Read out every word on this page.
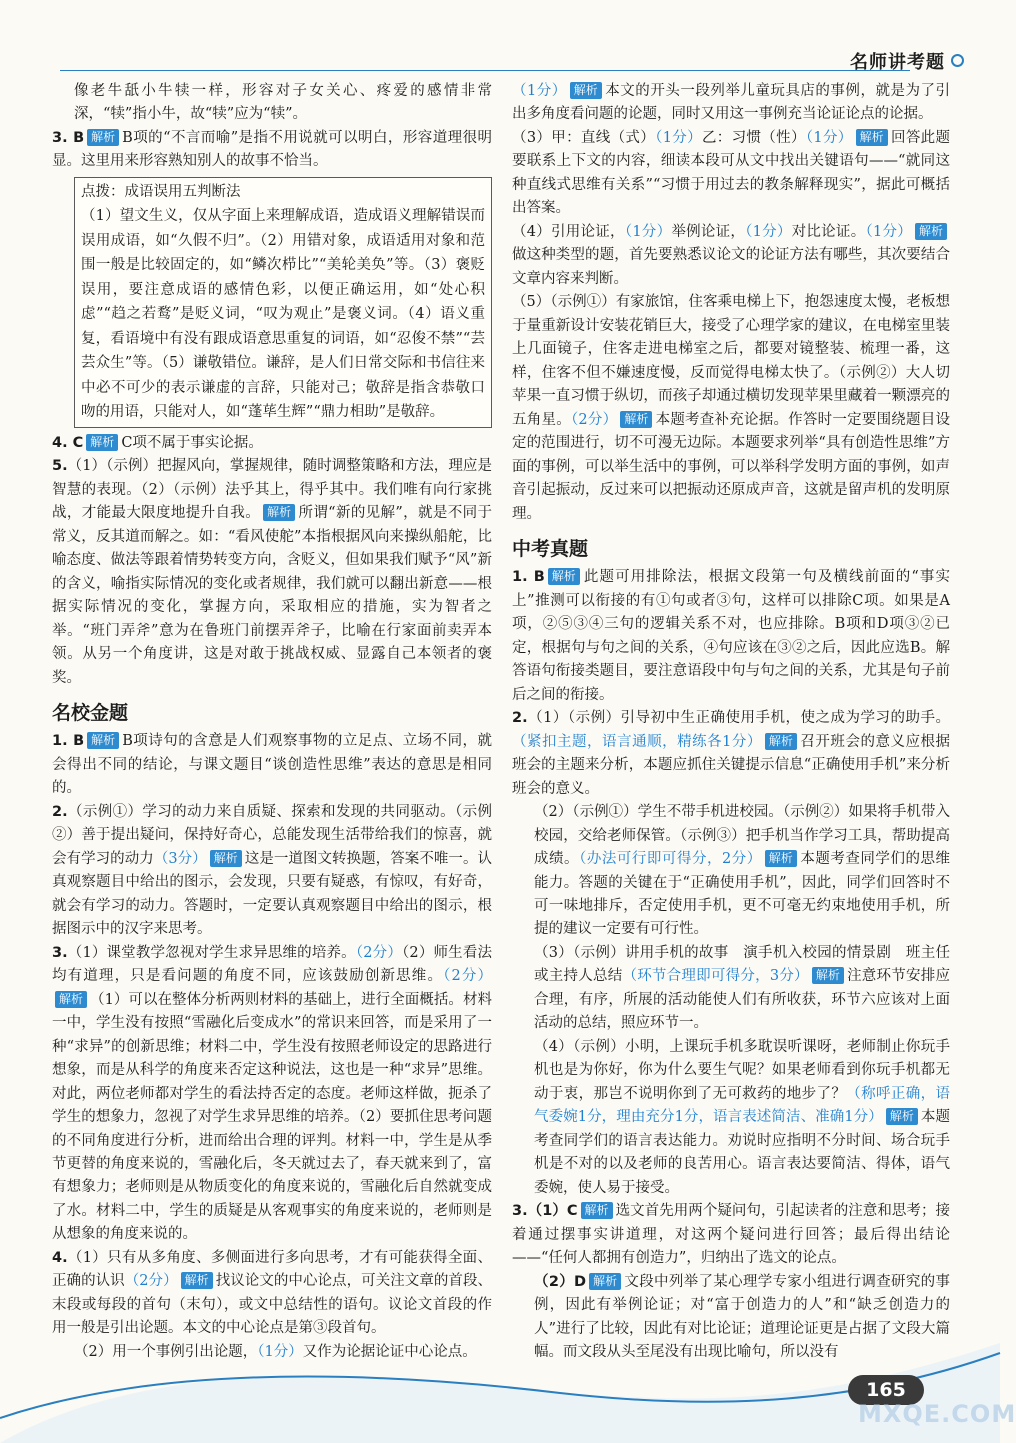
名师讲考题

像老牛舐小牛犊一样，形容对子女关心、疼爱的感情非常深，“犊”指小牛，故“犊”应为“犊”。

3. B 解析 B项的“不言而喻”是指不用说就可以明白，形容道理很明显。这里用来形容熟知别人的故事不恰当。

点拨：成语误用五判断法

（1）望文生义，仅从字面上来理解成语，造成语义理解错误而误用成语，如“久假不归”。（2）用错对象，成语适用对象和范围一般是比较固定的，如“鳞次栉比”“美轮美奂”等。（3）褒贬误用，要注意成语的感情色彩，以便正确运用，如“处心积虑”“趋之若鹜”是贬义词，“叹为观止”是褒义词。（4）语义重复，看语境中有没有跟成语意思重复的词语，如“忍俊不禁”“芸芸众生”等。（5）谦敬错位。谦辞，是人们日常交际和书信往来中必不可少的表示谦虚的言辞，只能对己；敬辞是指含恭敬口吻的用语，只能对人，如“蓬荜生辉”“鼎力相助”是敬辞。

4. C 解析 C项不属于事实论据。

5.（1）（示例）把握风向，掌握规律，随时调整策略和方法，理应是智慧的表现。（2）（示例）法乎其上，得乎其中。我们唯有向行家挑战，才能最大限度地提升自我。 解析 所谓“新的见解”，就是不同于常义，反其道而解之。如：“看风使舵”本指根据风向来操纵船舵，比喻态度、做法等跟着情势转变方向，含贬义，但如果我们赋予“风”新的含义，喻指实际情况的变化或者规律，我们就可以翻出新意——根据实际情况的变化，掌握方向，采取相应的措施，实为智者之举。“班门弄斧”意为在鲁班门前摆弄斧子，比喻在行家面前卖弄本领。从另一个角度讲，这是对敢于挑战权威、显露自己本领者的褒奖。

名校金题

1. B 解析 B项诗句的含意是人们观察事物的立足点、立场不同，就会得出不同的结论，与课文题目“谈创造性思维”表达的意思是相同的。

2.（示例①）学习的动力来自质疑、探索和发现的共同驱动。（示例②）善于提出疑问，保持好奇心，总能发现生活带给我们的惊喜，就会有学习的动力（3分） 解析 这是一道图文转换题，答案不唯一。认真观察题目中给出的图示，会发现，只要有疑惑，有惊叹，有好奇，就会有学习的动力。答题时，一定要认真观察题目中给出的图示，根据图示中的汉字来思考。

3.（1）课堂教学忽视对学生求异思维的培养。（2分）（2）师生看法均有道理，只是看问题的角度不同，应该鼓励创新思维。（2分）解析 （1）可以在整体分析两则材料的基础上，进行全面概括。材料一中，学生没有按照“雪融化后变成水”的常识来回答，而是采用了一种“求异”的创新思维；材料二中，学生没有按照老师设定的思路进行想象，而是从科学的角度来否定这种说法，这也是一种“求异”思维。对此，两位老师都对学生的看法持否定的态度。老师这样做，扼杀了学生的想象力，忽视了对学生求异思维的培养。（2）要抓住思考问题的不同角度进行分析，进而给出合理的评判。材料一中，学生是从季节更替的角度来说的，雪融化后，冬天就过去了，春天就来到了，富有想象力；老师则是从物质变化的角度来说的，雪融化后自然就变成了水。材料二中，学生的质疑是从客观事实的角度来说的，老师则是从想象的角度来说的。

4.（1）只有从多角度、多侧面进行多向思考，才有可能获得全面、正确的认识（2分） 解析 找议论文的中心论点，可关注文章的首段、末段或每段的首句（末句），或文中总结性的语句。议论文首段的作用一般是引出论题。本文的中心论点是第③段首句。

（2）用一个事例引出论题，（1分）又作为论据论证中心论点。

（1分） 解析 本文的开头一段列举儿童玩具店的事例，就是为了引出多角度看问题的论题，同时又用这一事例充当论证论点的论据。

（3）甲：直线（式）（1分）乙：习惯（性）（1分） 解析 回答此题要联系上下文的内容，细读本段可从文中找出关键语句——“就同这种直线式思维有关系”“习惯于用过去的教条解释现实”，据此可概括出答案。

（4）引用论证，（1分）举例论证，（1分）对比论证。（1分） 解析做这种类型的题，首先要熟悉议论文的论证方法有哪些，其次要结合文章内容来判断。

（5）（示例①）有家旅馆，住客乘电梯上下，抱怨速度太慢，老板想于量重新设计安装花销巨大，接受了心理学家的建议，在电梯室里装上几面镜子，住客走进电梯室之后，都要对镜整装、梳理一番，这样，住客不但不嫌速度慢，反而觉得电梯太快了。（示例②）大人切苹果一直习惯于纵切，而孩子却通过横切发现苹果里藏着一颗漂亮的五角星。（2分） 解析 本题考查补充论据。作答时一定要围绕题目设定的范围进行，切不可漫无边际。本题要求列举“具有创造性思维”方面的事例，可以举生活中的事例，可以举科学发明方面的事例，如声音引起振动，反过来可以把振动还原成声音，这就是留声机的发明原理。

中考真题

1. B 解析 此题可用排除法，根据文段第一句及横线前面的“事实上”推测可以衔接的有①句或者③句，这样可以排除C项。如果是A项，②⑤③④三句的逻辑关系不对，也应排除。B项和D项③②已定，根据句与句之间的关系，④句应该在③②之后，因此应选B。解答语句衔接类题目，要注意语段中句与句之间的关系，尤其是句子前后之间的衔接。

2.（1）（示例）引导初中生正确使用手机，使之成为学习的助手。（紧扣主题，语言通顺，精练各1分） 解析 召开班会的意义应根据班会的主题来分析，本题应抓住关键提示信息“正确使用手机”来分析班会的意义。

（2）（示例①）学生不带手机进校园。（示例②）如果将手机带入校园，交给老师保管。（示例③）把手机当作学习工具，帮助提高成绩。（办法可行即可得分，2分） 解析 本题考查同学们的思维能力。答题的关键在于“正确使用手机”，因此，同学们回答时不可一味地排斥，否定使用手机，更不可毫无约束地使用手机，所提的建议一定要有可行性。

（3）（示例）讲用手机的故事　演手机入校园的情景剧　班主任或主持人总结（环节合理即可得分，3分） 解析 注意环节安排应合理，有序，所展的活动能使人们有所收获，环节六应该对上面活动的总结，照应环节一。

（4）（示例）小明，上课玩手机多耽误听课呀，老师制止你玩手机也是为你好，你为什么要生气呢？如果老师看到你玩手机都无动于衷，那岂不说明你到了无可救药的地步了？（称呼正确，语气委婉1分，理由充分1分，语言表述简洁、准确1分） 解析 本题考查同学们的语言表达能力。劝说时应指明不分时间、场合玩手机是不对的以及老师的良苦用心。语言表达要简洁、得体，语气委婉，使人易于接受。

3.（1）C 解析 选文首先用两个疑问句，引起读者的注意和思考；接着通过摆事实讲道理，对这两个疑问进行回答；最后得出结论——“任何人都拥有创造力”，归纳出了选文的论点。

（2）D 解析 文段中列举了某心理学专家小组进行调查研究的事例，因此有举例论证；对“富于创造力的人”和“缺乏创造力的人”进行了比较，因此有对比论证；道理论证更是占据了文段大篇幅。而文段从头至尾没有出现比喻句，所以没有

165
MXQE.COM
